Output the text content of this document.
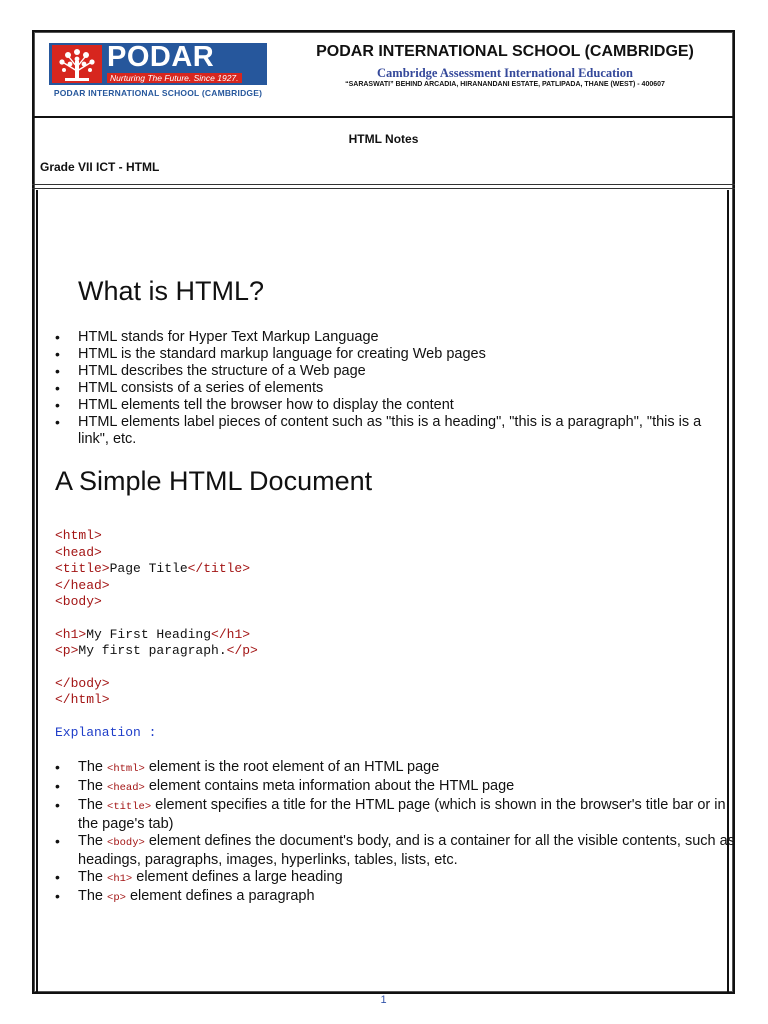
PODAR
Nurturing The Future. Since 1927.
PODAR INTERNATIONAL SCHOOL (CAMBRIDGE)
PODAR INTERNATIONAL SCHOOL (CAMBRIDGE)
Cambridge Assessment International Education
“SARASWATI” BEHIND ARCADIA, HIRANANDANI ESTATE, PATLIPADA, THANE (WEST) - 400607
HTML Notes
Grade VII ICT - HTML
What is HTML?
• HTML stands for Hyper Text Markup Language
• HTML is the standard markup language for creating Web pages
• HTML describes the structure of a Web page
• HTML consists of a series of elements
• HTML elements tell the browser how to display the content
• HTML elements label pieces of content such as "this is a heading", "this is a paragraph", "this is a link", etc.
A Simple HTML Document
<html>
<head>
<title>Page Title</title>
</head>
<body>
<h1>My First Heading</h1>
<p>My first paragraph.</p>
</body>
</html>
Explanation :
• The <html> element is the root element of an HTML page
• The <head> element contains meta information about the HTML page
• The <title> element specifies a title for the HTML page (which is shown in the browser's title bar or in the page's tab)
• The <body> element defines the document's body, and is a container for all the visible contents, such as headings, paragraphs, images, hyperlinks, tables, lists, etc.
• The <h1> element defines a large heading
• The <p> element defines a paragraph
1
